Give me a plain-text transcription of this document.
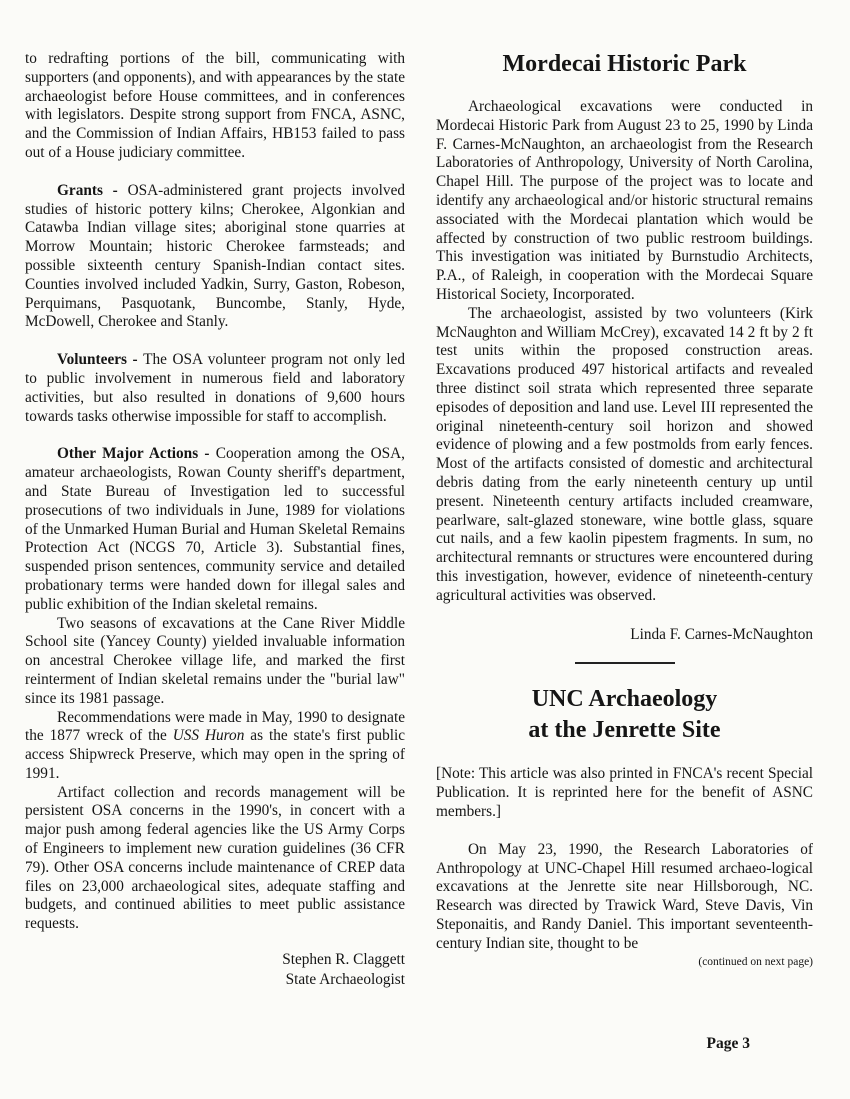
to redrafting portions of the bill, communicating with supporters (and opponents), and with appearances by the state archaeologist before House committees, and in conferences with legislators. Despite strong support from FNCA, ASNC, and the Commission of Indian Affairs, HB153 failed to pass out of a House judiciary committee.

Grants - OSA-administered grant projects involved studies of historic pottery kilns; Cherokee, Algonkian and Catawba Indian village sites; aboriginal stone quarries at Morrow Mountain; historic Cherokee farmsteads; and possible sixteenth century Spanish-Indian contact sites. Counties involved included Yadkin, Surry, Gaston, Robeson, Perquimans, Pasquotank, Buncombe, Stanly, Hyde, McDowell, Cherokee and Stanly.

Volunteers - The OSA volunteer program not only led to public involvement in numerous field and laboratory activities, but also resulted in donations of 9,600 hours towards tasks otherwise impossible for staff to accomplish.

Other Major Actions - Cooperation among the OSA, amateur archaeologists, Rowan County sheriff's department, and State Bureau of Investigation led to successful prosecutions of two individuals in June, 1989 for violations of the Unmarked Human Burial and Human Skeletal Remains Protection Act (NCGS 70, Article 3). Substantial fines, suspended prison sentences, community service and detailed probationary terms were handed down for illegal sales and public exhibition of the Indian skeletal remains.

Two seasons of excavations at the Cane River Middle School site (Yancey County) yielded invaluable information on ancestral Cherokee village life, and marked the first reinterment of Indian skeletal remains under the "burial law" since its 1981 passage.

Recommendations were made in May, 1990 to designate the 1877 wreck of the USS Huron as the state's first public access Shipwreck Preserve, which may open in the spring of 1991.

Artifact collection and records management will be persistent OSA concerns in the 1990's, in concert with a major push among federal agencies like the US Army Corps of Engineers to implement new curation guidelines (36 CFR 79). Other OSA concerns include maintenance of CREP data files on 23,000 archaeological sites, adequate staffing and budgets, and continued abilities to meet public assistance requests.

Stephen R. Claggett
State Archaeologist
Mordecai Historic Park

Archaeological excavations were conducted in Mordecai Historic Park from August 23 to 25, 1990 by Linda F. Carnes-McNaughton, an archaeologist from the Research Laboratories of Anthropology, University of North Carolina, Chapel Hill. The purpose of the project was to locate and identify any archaeological and/or historic structural remains associated with the Mordecai plantation which would be affected by construction of two public restroom buildings. This investigation was initiated by Burnstudio Architects, P.A., of Raleigh, in cooperation with the Mordecai Square Historical Society, Incorporated.

The archaeologist, assisted by two volunteers (Kirk McNaughton and William McCrey), excavated 14 2 ft by 2 ft test units within the proposed construction areas. Excavations produced 497 historical artifacts and revealed three distinct soil strata which represented three separate episodes of deposition and land use. Level III represented the original nineteenth-century soil horizon and showed evidence of plowing and a few postmolds from early fences. Most of the artifacts consisted of domestic and architectural debris dating from the early nineteenth century up until present. Nineteenth century artifacts included creamware, pearlware, salt-glazed stoneware, wine bottle glass, square cut nails, and a few kaolin pipestem fragments. In sum, no architectural remnants or structures were encountered during this investigation, however, evidence of nineteenth-century agricultural activities was observed.

Linda F. Carnes-McNaughton

UNC Archaeology
at the Jenrette Site

[Note: This article was also printed in FNCA's recent Special Publication. It is reprinted here for the benefit of ASNC members.]

On May 23, 1990, the Research Laboratories of Anthropology at UNC-Chapel Hill resumed archaeo-logical excavations at the Jenrette site near Hillsborough, NC. Research was directed by Trawick Ward, Steve Davis, Vin Steponaitis, and Randy Daniel. This important seventeenth-century Indian site, thought to be

(continued on next page)

Page 3
